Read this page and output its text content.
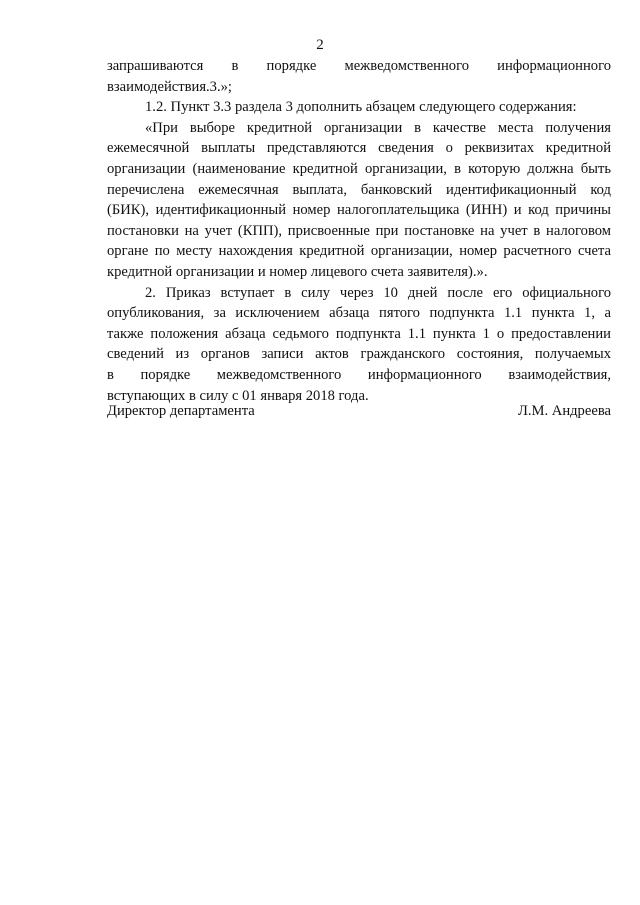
2
запрашиваются в порядке межведомственного информационного
взаимодействия.3.»;
1.2. Пункт 3.3 раздела 3 дополнить абзацем следующего содержания:
«При выборе кредитной организации в качестве места получения
ежемесячной выплаты представляются сведения о реквизитах кредитной
организации (наименование кредитной организации, в которую должна быть
перечислена ежемесячная выплата, банковский идентификационный код
(БИК), идентификационный номер налогоплательщика (ИНН) и код причины
постановки на учет (КПП), присвоенные при постановке на учет в налоговом
органе по месту нахождения кредитной организации, номер расчетного счета
кредитной организации и номер лицевого счета заявителя).».
2. Приказ вступает в силу через 10 дней после его официального
опубликования, за исключением абзаца пятого подпункта 1.1 пункта 1, а
также положения абзаца седьмого подпункта 1.1 пункта 1 о предоставлении
сведений из органов записи актов гражданского состояния, получаемых
в порядке межведомственного информационного взаимодействия,
вступающих в силу с 01 января 2018 года.
Директор департамента	Л.М. Андреева
